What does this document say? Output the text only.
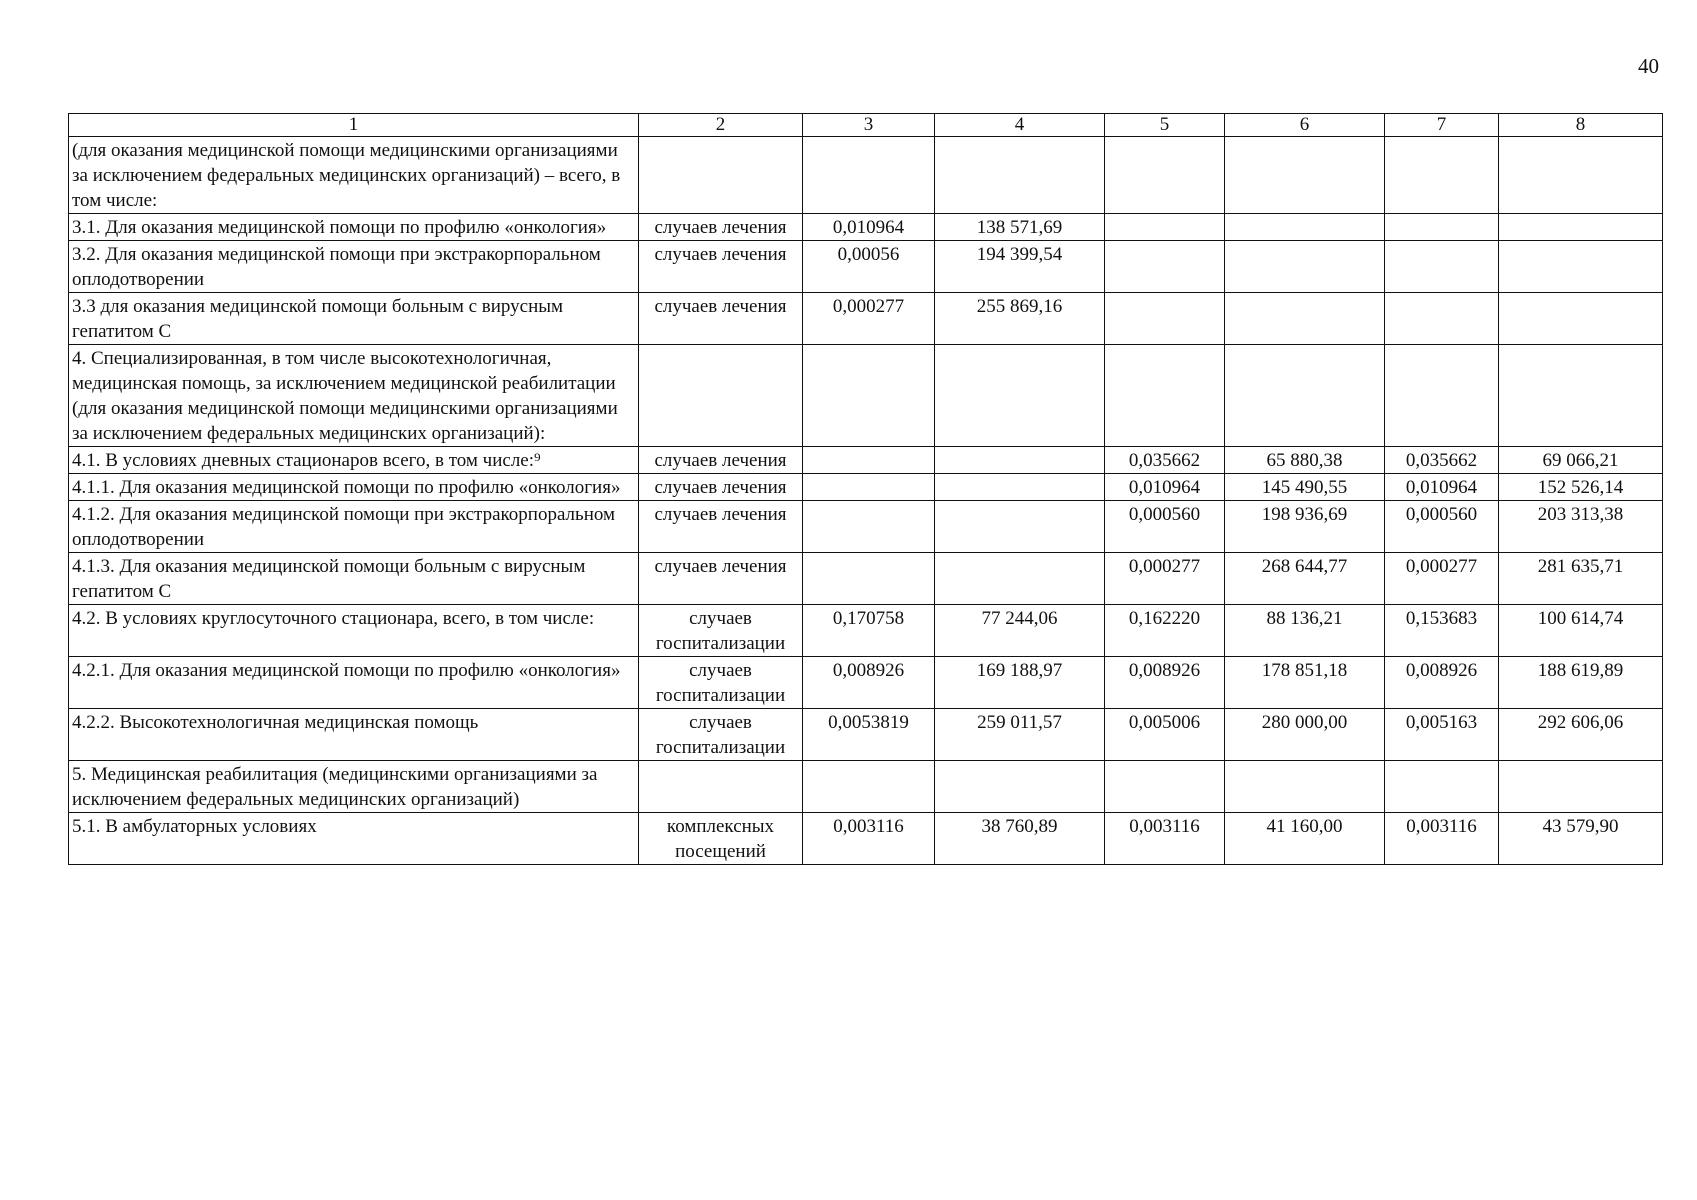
40
1	2	3	4	5	6	7	8
(для оказания медицинской помощи медицинскими организациями за исключением федеральных медицинских организаций) – всего, в том числе:							
3.1. Для оказания медицинской помощи по профилю «онкология»	случаев лечения	0,010964	138 571,69				
3.2. Для оказания медицинской помощи при экстракорпоральном оплодотворении	случаев лечения	0,00056	194 399,54				
3.3 для оказания медицинской помощи больным с вирусным гепатитом С	случаев лечения	0,000277	255 869,16				
4. Специализированная, в том числе высокотехнологичная, медицинская помощь, за исключением медицинской реабилитации (для оказания медицинской помощи медицинскими организациями за исключением федеральных медицинских организаций):							
4.1. В условиях дневных стационаров всего, в том числе:⁹	случаев лечения			0,035662	65 880,38	0,035662	69 066,21
4.1.1. Для оказания медицинской помощи по профилю «онкология»	случаев лечения			0,010964	145 490,55	0,010964	152 526,14
4.1.2. Для оказания медицинской помощи при экстракорпоральном оплодотворении	случаев лечения			0,000560	198 936,69	0,000560	203 313,38
4.1.3. Для оказания медицинской помощи больным с вирусным гепатитом С	случаев лечения			0,000277	268 644,77	0,000277	281 635,71
4.2. В условиях круглосуточного стационара, всего, в том числе:	случаев госпитализации	0,170758	77 244,06	0,162220	88 136,21	0,153683	100 614,74
4.2.1. Для оказания медицинской помощи по профилю «онкология»	случаев госпитализации	0,008926	169 188,97	0,008926	178 851,18	0,008926	188 619,89
4.2.2. Высокотехнологичная медицинская помощь	случаев госпитализации	0,0053819	259 011,57	0,005006	280 000,00	0,005163	292 606,06
5. Медицинская реабилитация (медицинскими организациями за исключением федеральных медицинских организаций)							
5.1. В амбулаторных условиях	комплексных посещений	0,003116	38 760,89	0,003116	41 160,00	0,003116	43 579,90
